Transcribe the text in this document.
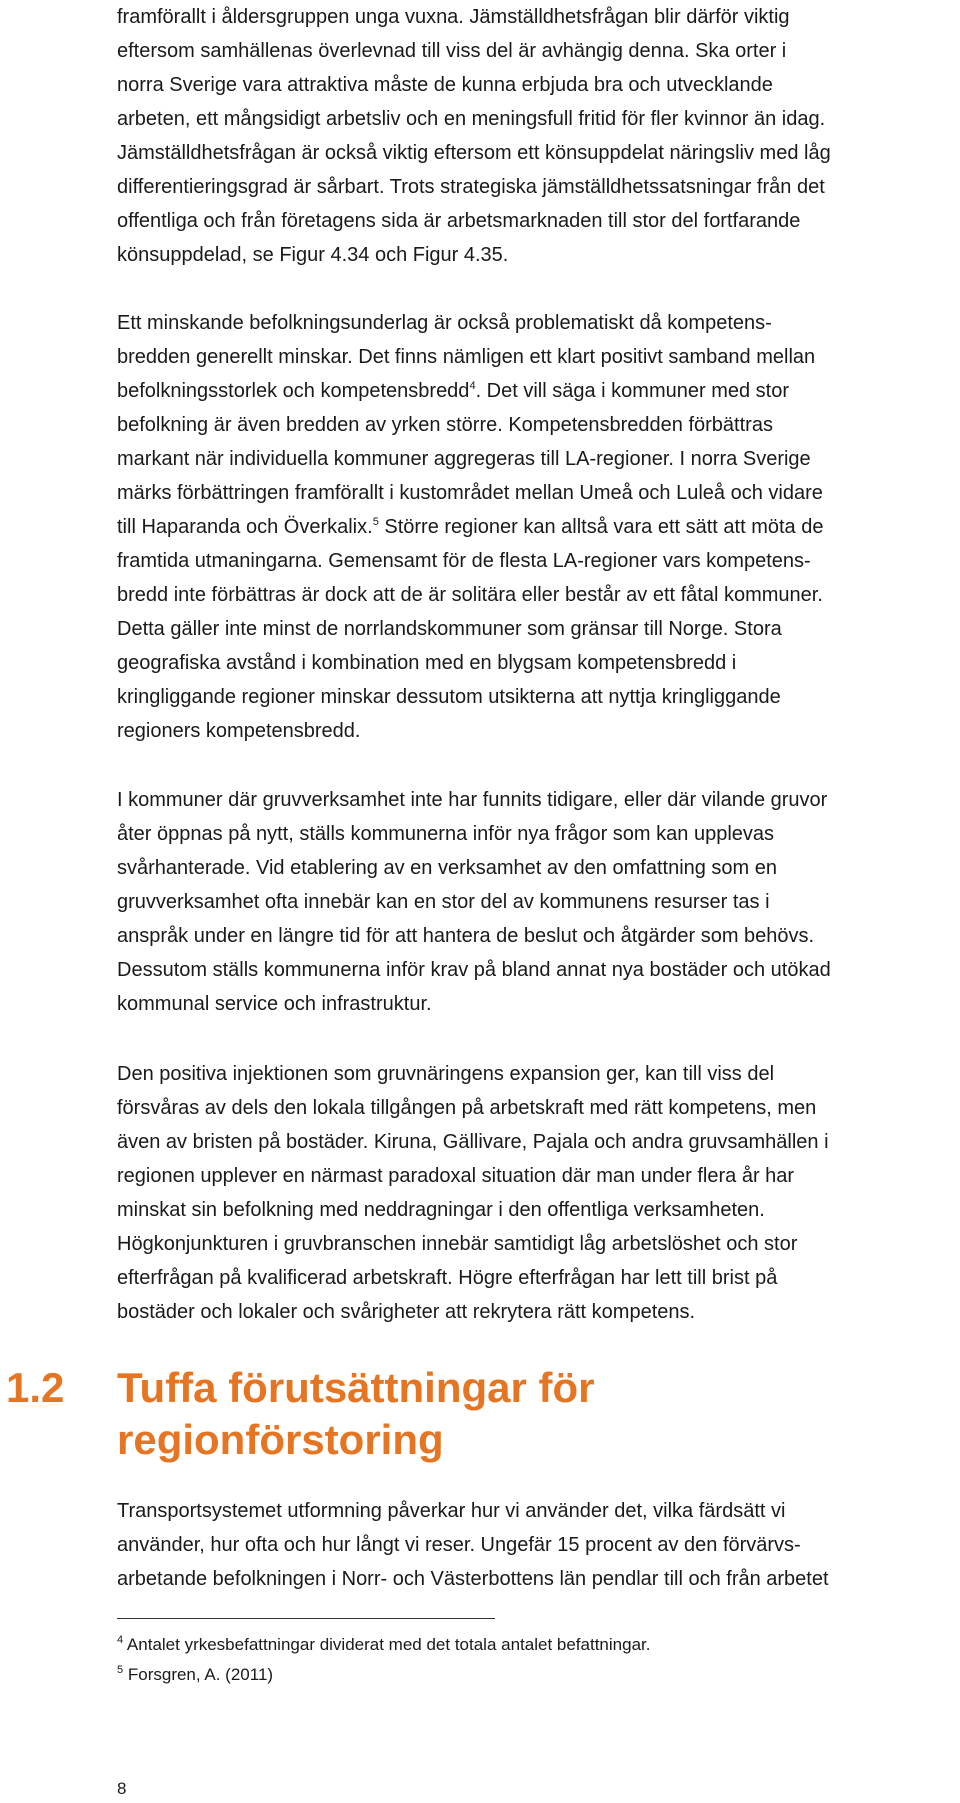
framförallt i åldersgruppen unga vuxna. Jämställdhetsfrågan blir därför viktig
eftersom samhällenas överlevnad till viss del är avhängig denna. Ska orter i
norra Sverige vara attraktiva måste de kunna erbjuda bra och utvecklande
arbeten, ett mångsidigt arbetsliv och en meningsfull fritid för fler kvinnor än idag.
Jämställdhetsfrågan är också viktig eftersom ett könsuppdelat näringsliv med låg
differentieringsgrad är sårbart. Trots strategiska jämställdhetssatsningar från det
offentliga och från företagens sida är arbetsmarknaden till stor del fortfarande
könsuppdelad, se Figur 4.34 och Figur 4.35.

Ett minskande befolkningsunderlag är också problematiskt då kompetens-
bredden generellt minskar. Det finns nämligen ett klart positivt samband mellan
befolkningsstorlek och kompetensbredd$^4$. Det vill säga i kommuner med stor
befolkning är även bredden av yrken större. Kompetensbredden förbättras
markant när individuella kommuner aggregeras till LA-regioner. I norra Sverige
märks förbättringen framförallt i kustområdet mellan Umeå och Luleå och vidare
till Haparanda och Överkalix.$^5$ Större regioner kan alltså vara ett sätt att möta de
framtida utmaningarna. Gemensamt för de flesta LA-regioner vars kompetens-
bredd inte förbättras är dock att de är solitära eller består av ett fåtal kommuner.
Detta gäller inte minst de norrlandskommuner som gränsar till Norge. Stora
geografiska avstånd i kombination med en blygsam kompetensbredd i
kringliggande regioner minskar dessutom utsikterna att nyttja kringliggande
regioners kompetensbredd.

I kommuner där gruvverksamhet inte har funnits tidigare, eller där vilande gruvor
åter öppnas på nytt, ställs kommunerna inför nya frågor som kan upplevas
svårhanterade. Vid etablering av en verksamhet av den omfattning som en
gruvverksamhet ofta innebär kan en stor del av kommunens resurser tas i
anspråk under en längre tid för att hantera de beslut och åtgärder som behövs.
Dessutom ställs kommunerna inför krav på bland annat nya bostäder och utökad
kommunal service och infrastruktur.

Den positiva injektionen som gruvnäringens expansion ger, kan till viss del
försvåras av dels den lokala tillgången på arbetskraft med rätt kompetens, men
även av bristen på bostäder. Kiruna, Gällivare, Pajala och andra gruvsamhällen i
regionen upplever en närmast paradoxal situation där man under flera år har
minskat sin befolkning med neddragningar i den offentliga verksamheten.
Högkonjunkturen i gruvbranschen innebär samtidigt låg arbetslöshet och stor
efterfrågan på kvalificerad arbetskraft. Högre efterfrågan har lett till brist på
bostäder och lokaler och svårigheter att rekrytera rätt kompetens.

1.2 Tuffa förutsättningar för
regionförstoring

Transportsystemet utformning påverkar hur vi använder det, vilka färdsätt vi
använder, hur ofta och hur långt vi reser. Ungefär 15 procent av den förvärvs-
arbetande befolkningen i Norr- och Västerbottens län pendlar till och från arbetet

$^4$ Antalet yrkesbefattningar dividerat med det totala antalet befattningar.
$^5$ Forsgren, A. (2011)

8
